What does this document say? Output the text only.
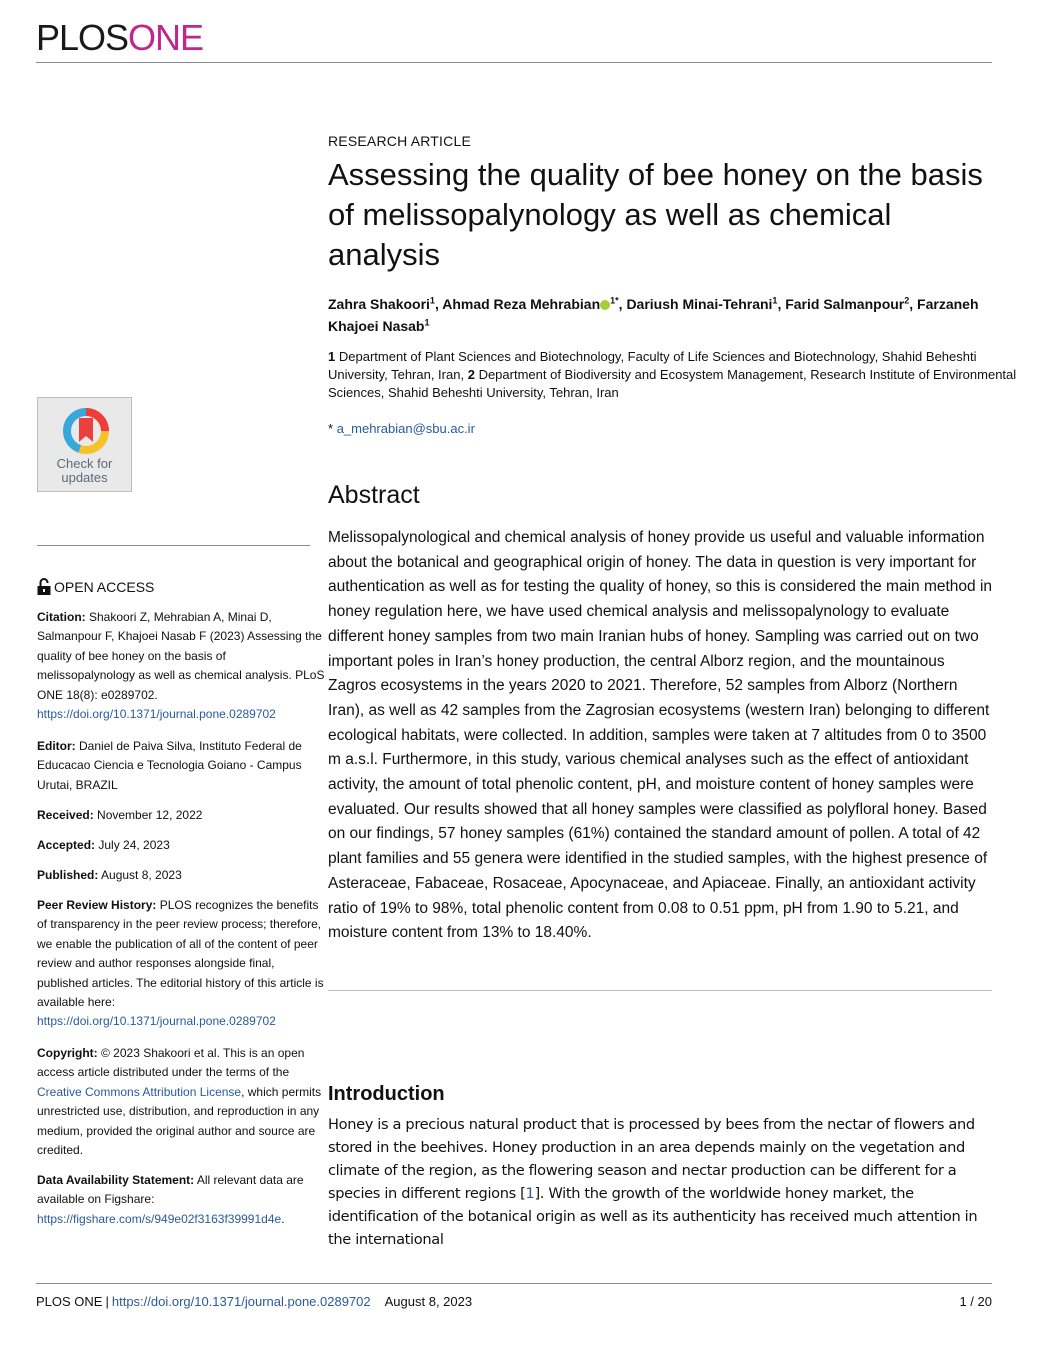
PLOSONE
Check for
updates
OPEN ACCESS
Citation: Shakoori Z, Mehrabian A, Minai D, Salmanpour F, Khajoei Nasab F (2023) Assessing the quality of bee honey on the basis of melissopalynology as well as chemical analysis. PLoS ONE 18(8): e0289702. https://doi.org/10.1371/journal.pone.0289702
Editor: Daniel de Paiva Silva, Instituto Federal de Educacao Ciencia e Tecnologia Goiano - Campus Urutai, BRAZIL
Received: November 12, 2022
Accepted: July 24, 2023
Published: August 8, 2023
Peer Review History: PLOS recognizes the benefits of transparency in the peer review process; therefore, we enable the publication of all of the content of peer review and author responses alongside final, published articles. The editorial history of this article is available here: https://doi.org/10.1371/journal.pone.0289702
Copyright: © 2023 Shakoori et al. This is an open access article distributed under the terms of the Creative Commons Attribution License, which permits unrestricted use, distribution, and reproduction in any medium, provided the original author and source are credited.
Data Availability Statement: All relevant data are available on Figshare: https://figshare.com/s/949e02f3163f39991d4e.
RESEARCH ARTICLE
Assessing the quality of bee honey on the basis of melissopalynology as well as chemical analysis
Zahra Shakoori$^1$, Ahmad Reza Mehrabian $^{1*}$, Dariush Minai-Tehrani$^1$, Farid Salmanpour$^2$, Farzaneh Khajoei Nasab$^1$
1 Department of Plant Sciences and Biotechnology, Faculty of Life Sciences and Biotechnology, Shahid Beheshti University, Tehran, Iran, 2 Department of Biodiversity and Ecosystem Management, Research Institute of Environmental Sciences, Shahid Beheshti University, Tehran, Iran
* a_mehrabian@sbu.ac.ir
Abstract
Melissopalynological and chemical analysis of honey provide us useful and valuable information about the botanical and geographical origin of honey. The data in question is very important for authentication as well as for testing the quality of honey, so this is considered the main method in honey regulation here, we have used chemical analysis and melissopalynology to evaluate different honey samples from two main Iranian hubs of honey. Sampling was carried out on two important poles in Iran’s honey production, the central Alborz region, and the mountainous Zagros ecosystems in the years 2020 to 2021. Therefore, 52 samples from Alborz (Northern Iran), as well as 42 samples from the Zagrosian ecosystems (western Iran) belonging to different ecological habitats, were collected. In addition, samples were taken at 7 altitudes from 0 to 3500 m a.s.l. Furthermore, in this study, various chemical analyses such as the effect of antioxidant activity, the amount of total phenolic content, pH, and moisture content of honey samples were evaluated. Our results showed that all honey samples were classified as polyfloral honey. Based on our findings, 57 honey samples (61%) contained the standard amount of pollen. A total of 42 plant families and 55 genera were identified in the studied samples, with the highest presence of Asteraceae, Fabaceae, Rosaceae, Apocynaceae, and Apiaceae. Finally, an antioxidant activity ratio of 19% to 98%, total phenolic content from 0.08 to 0.51 ppm, pH from 1.90 to 5.21, and moisture content from 13% to 18.40%.
Introduction
Honey is a precious natural product that is processed by bees from the nectar of flowers and stored in the beehives. Honey production in an area depends mainly on the vegetation and climate of the region, as the flowering season and nectar production can be different for a species in different regions [1]. With the growth of the worldwide honey market, the identification of the botanical origin as well as its authenticity has received much attention in the international
PLOS ONE | https://doi.org/10.1371/journal.pone.0289702 August 8, 2023	1 / 20
